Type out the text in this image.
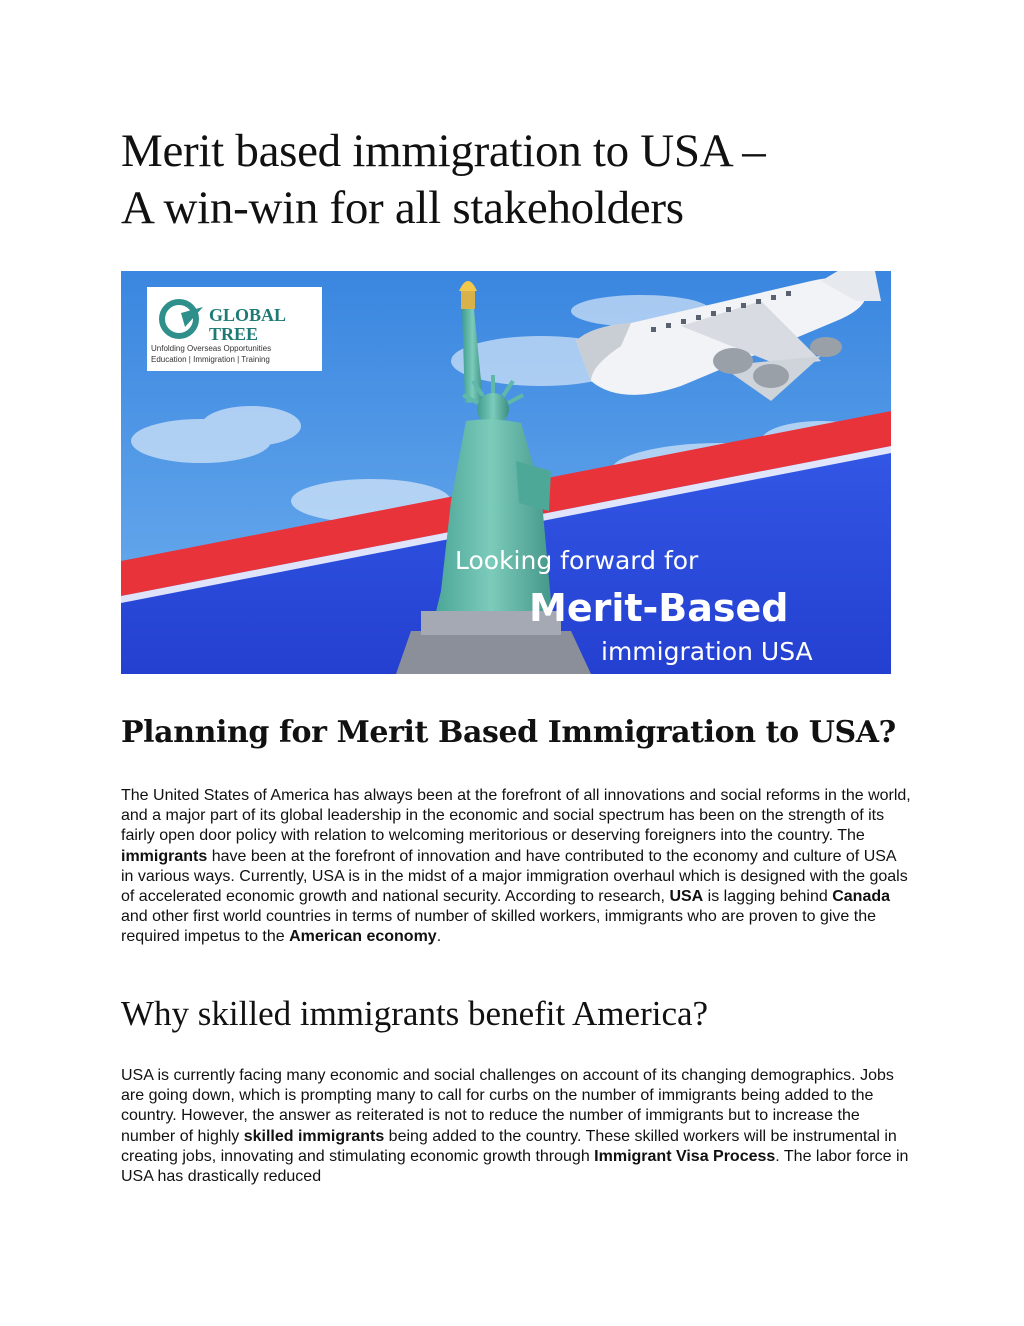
Merit based immigration to USA –
A win-win for all stakeholders
GLOBAL
TREE
Unfolding Overseas Opportunities
Education | Immigration | Training
Looking forward for
Merit-Based
immigration USA
Planning for Merit Based Immigration to USA?

The United States of America has always been at the forefront of all innovations and social reforms in the world, and a major part of its global leadership in the economic and social spectrum has been on the strength of its fairly open door policy with relation to welcoming meritorious or deserving foreigners into the country. The immigrants have been at the forefront of innovation and have contributed to the economy and culture of USA in various ways. Currently, USA is in the midst of a major immigration overhaul which is designed with the goals of accelerated economic growth and national security. According to research, USA is lagging behind Canada and other first world countries in terms of number of skilled workers, immigrants who are proven to give the required impetus to the American economy.

Why skilled immigrants benefit America?

USA is currently facing many economic and social challenges on account of its changing demographics. Jobs are going down, which is prompting many to call for curbs on the number of immigrants being added to the country. However, the answer as reiterated is not to reduce the number of immigrants but to increase the number of highly skilled immigrants being added to the country. These skilled workers will be instrumental in creating jobs, innovating and stimulating economic growth through Immigrant Visa Process. The labor force in USA has drastically reduced
